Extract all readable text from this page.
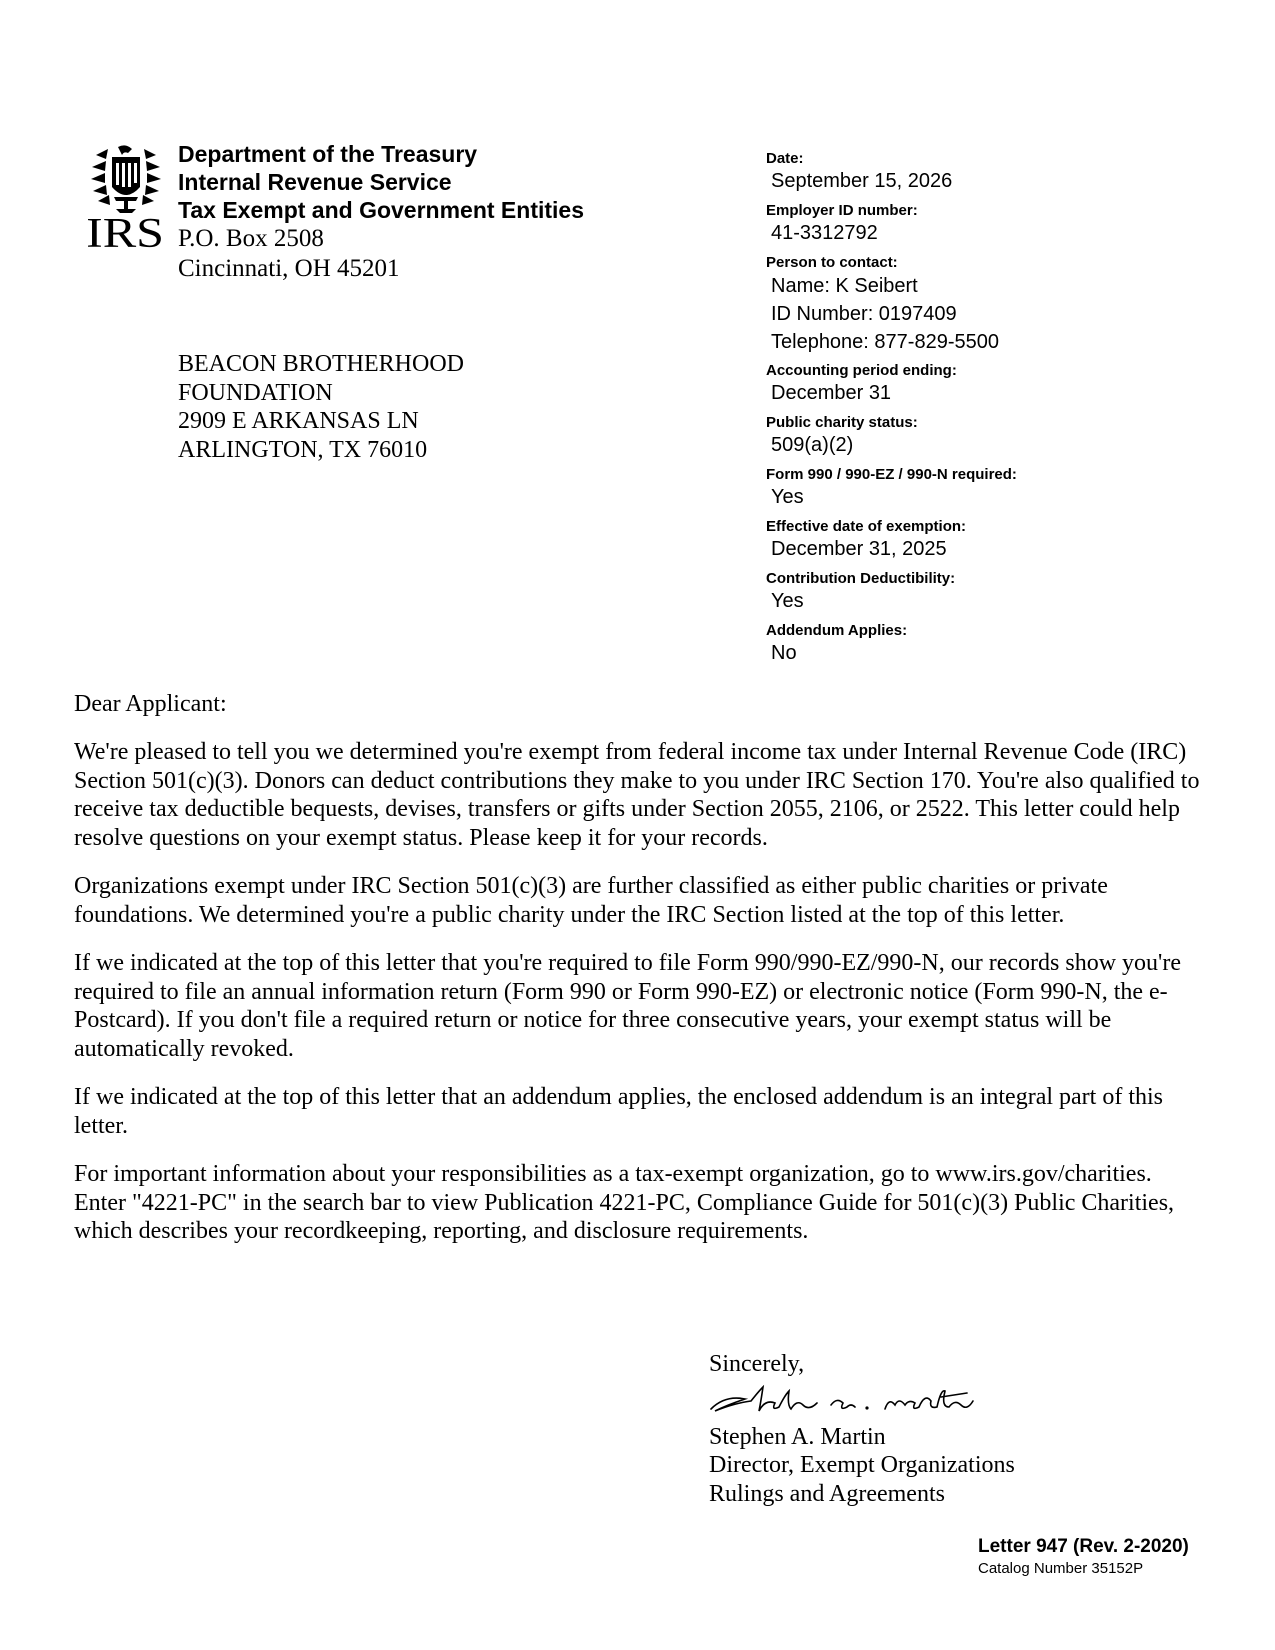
IRS
Department of the Treasury
Internal Revenue Service
Tax Exempt and Government Entities
P.O. Box 2508
Cincinnati, OH 45201
BEACON BROTHERHOOD
FOUNDATION
2909 E ARKANSAS LN
ARLINGTON, TX 76010
Date:
September 15, 2026
Employer ID number:
41-3312792
Person to contact:
Name: K Seibert
ID Number: 0197409
Telephone: 877-829-5500
Accounting period ending:
December 31
Public charity status:
509(a)(2)
Form 990 / 990-EZ / 990-N required:
Yes
Effective date of exemption:
December 31, 2025
Contribution Deductibility:
Yes
Addendum Applies:
No

Dear Applicant:

We're pleased to tell you we determined you're exempt from federal income tax under Internal Revenue Code (IRC) Section 501(c)(3). Donors can deduct contributions they make to you under IRC Section 170. You're also qualified to receive tax deductible bequests, devises, transfers or gifts under Section 2055, 2106, or 2522. This letter could help resolve questions on your exempt status. Please keep it for your records.

Organizations exempt under IRC Section 501(c)(3) are further classified as either public charities or private foundations. We determined you're a public charity under the IRC Section listed at the top of this letter.

If we indicated at the top of this letter that you're required to file Form 990/990-EZ/990-N, our records show you're required to file an annual information return (Form 990 or Form 990-EZ) or electronic notice (Form 990-N, the e-Postcard). If you don't file a required return or notice for three consecutive years, your exempt status will be automatically revoked.

If we indicated at the top of this letter that an addendum applies, the enclosed addendum is an integral part of this letter.

For important information about your responsibilities as a tax-exempt organization, go to www.irs.gov/charities. Enter "4221-PC" in the search bar to view Publication 4221-PC, Compliance Guide for 501(c)(3) Public Charities, which describes your recordkeeping, reporting, and disclosure requirements.

Sincerely,
Stephen A. Martin
Director, Exempt Organizations
Rulings and Agreements
Letter 947 (Rev. 2-2020)
Catalog Number 35152P
